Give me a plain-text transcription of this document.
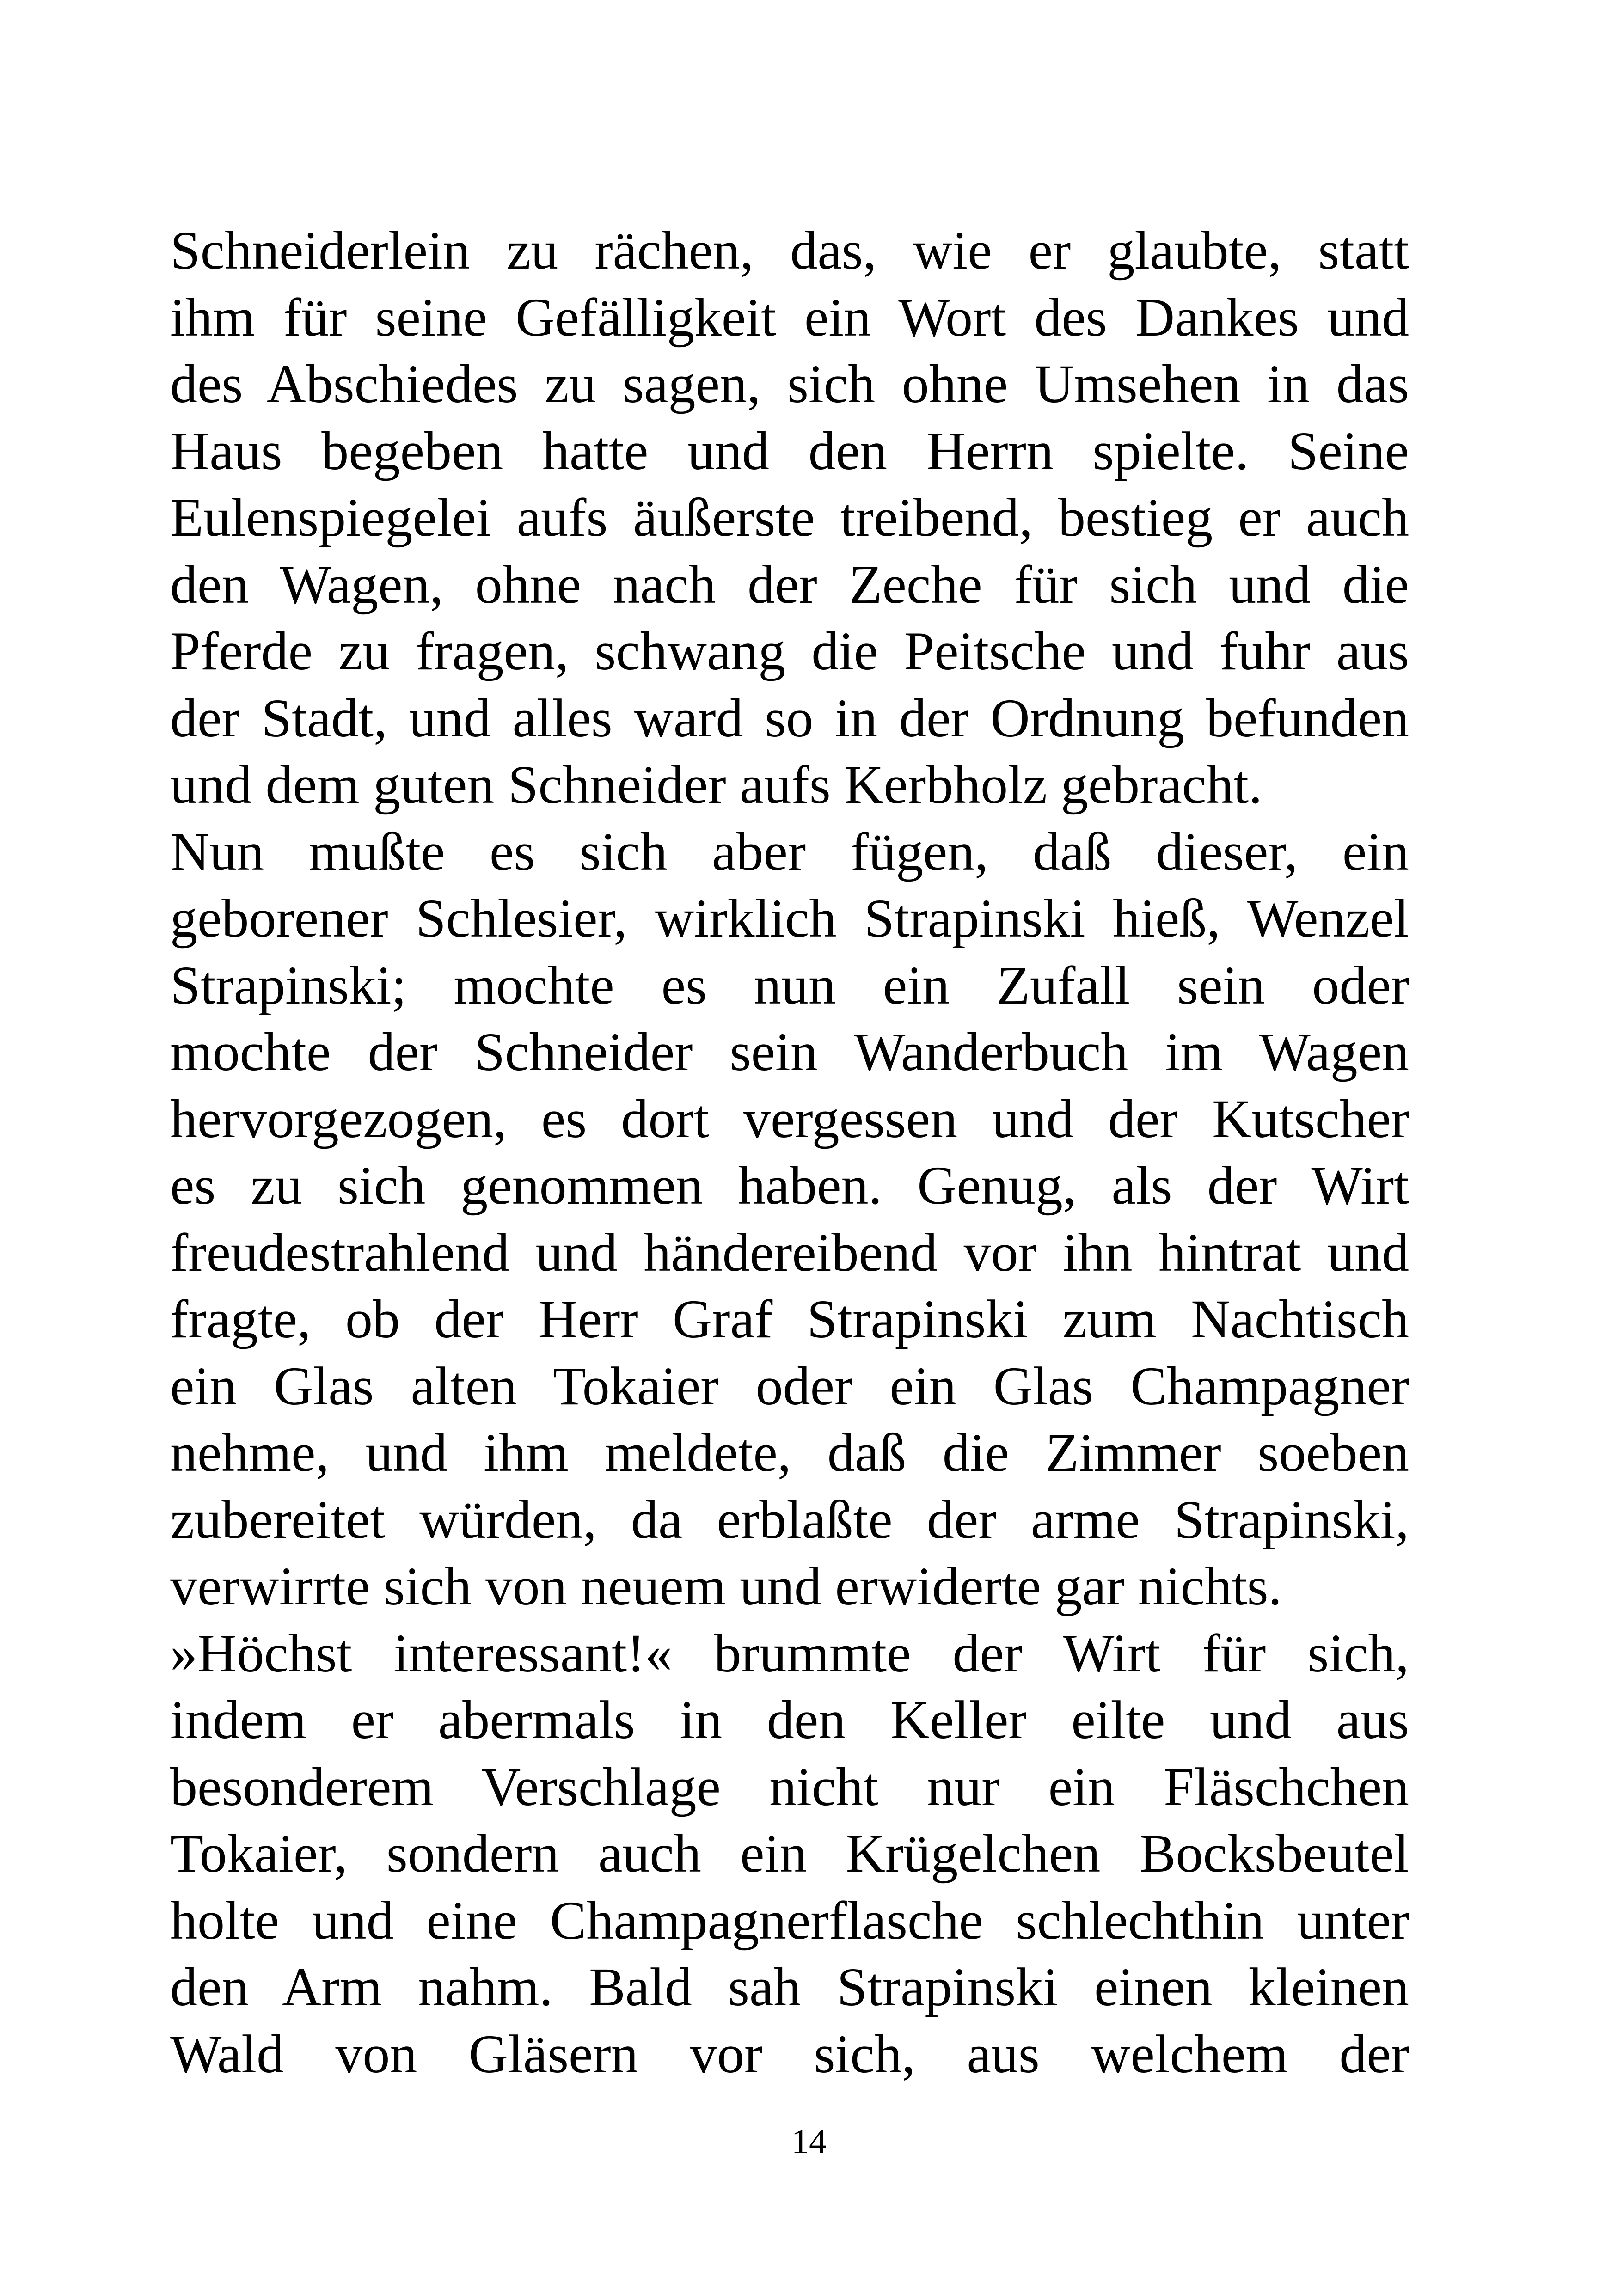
Schneiderlein zu rächen, das, wie er glaubte, statt
ihm für seine Gefälligkeit ein Wort des Dankes und
des Abschiedes zu sagen, sich ohne Umsehen in das
Haus begeben hatte und den Herrn spielte. Seine
Eulenspiegelei aufs äußerste treibend, bestieg er auch
den Wagen, ohne nach der Zeche für sich und die
Pferde zu fragen, schwang die Peitsche und fuhr aus
der Stadt, und alles ward so in der Ordnung befunden
und dem guten Schneider aufs Kerbholz gebracht.
Nun mußte es sich aber fügen, daß dieser, ein
geborener Schlesier, wirklich Strapinski hieß, Wenzel
Strapinski; mochte es nun ein Zufall sein oder
mochte der Schneider sein Wanderbuch im Wagen
hervorgezogen, es dort vergessen und der Kutscher
es zu sich genommen haben. Genug, als der Wirt
freudestrahlend und händereibend vor ihn hintrat und
fragte, ob der Herr Graf Strapinski zum Nachtisch
ein Glas alten Tokaier oder ein Glas Champagner
nehme, und ihm meldete, daß die Zimmer soeben
zubereitet würden, da erblaßte der arme Strapinski,
verwirrte sich von neuem und erwiderte gar nichts.
»Höchst interessant!« brummte der Wirt für sich,
indem er abermals in den Keller eilte und aus
besonderem Verschlage nicht nur ein Fläschchen
Tokaier, sondern auch ein Krügelchen Bocksbeutel
holte und eine Champagnerflasche schlechthin unter
den Arm nahm. Bald sah Strapinski einen kleinen
Wald von Gläsern vor sich, aus welchem der
14
